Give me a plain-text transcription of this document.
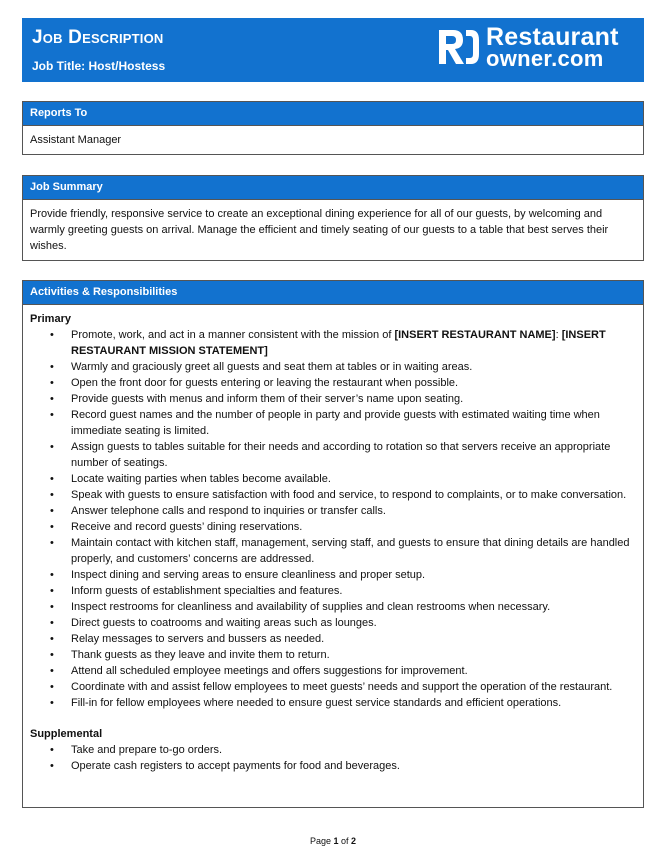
Job Description
Job Title: Host/Hostess
Restaurant
owner.com
Reports To
Assistant Manager
Job Summary
Provide friendly, responsive service to create an exceptional dining experience for all of our guests, by welcoming and warmly greeting guests on arrival. Manage the efficient and timely seating of our guests to a table that best serves their wishes.
Activities & Responsibilities
Primary
• Promote, work, and act in a manner consistent with the mission of [INSERT RESTAURANT NAME]: [INSERT RESTAURANT MISSION STATEMENT]
• Warmly and graciously greet all guests and seat them at tables or in waiting areas.
• Open the front door for guests entering or leaving the restaurant when possible.
• Provide guests with menus and inform them of their server’s name upon seating.
• Record guest names and the number of people in party and provide guests with estimated waiting time when immediate seating is limited.
• Assign guests to tables suitable for their needs and according to rotation so that servers receive an appropriate number of seatings.
• Locate waiting parties when tables become available.
• Speak with guests to ensure satisfaction with food and service, to respond to complaints, or to make conversation.
• Answer telephone calls and respond to inquiries or transfer calls.
• Receive and record guests’ dining reservations.
• Maintain contact with kitchen staff, management, serving staff, and guests to ensure that dining details are handled properly, and customers’ concerns are addressed.
• Inspect dining and serving areas to ensure cleanliness and proper setup.
• Inform guests of establishment specialties and features.
• Inspect restrooms for cleanliness and availability of supplies and clean restrooms when necessary.
• Direct guests to coatrooms and waiting areas such as lounges.
• Relay messages to servers and bussers as needed.
• Thank guests as they leave and invite them to return.
• Attend all scheduled employee meetings and offers suggestions for improvement.
• Coordinate with and assist fellow employees to meet guests’ needs and support the operation of the restaurant.
• Fill-in for fellow employees where needed to ensure guest service standards and efficient operations.
Supplemental
• Take and prepare to-go orders.
• Operate cash registers to accept payments for food and beverages.
Page 1 of 2
